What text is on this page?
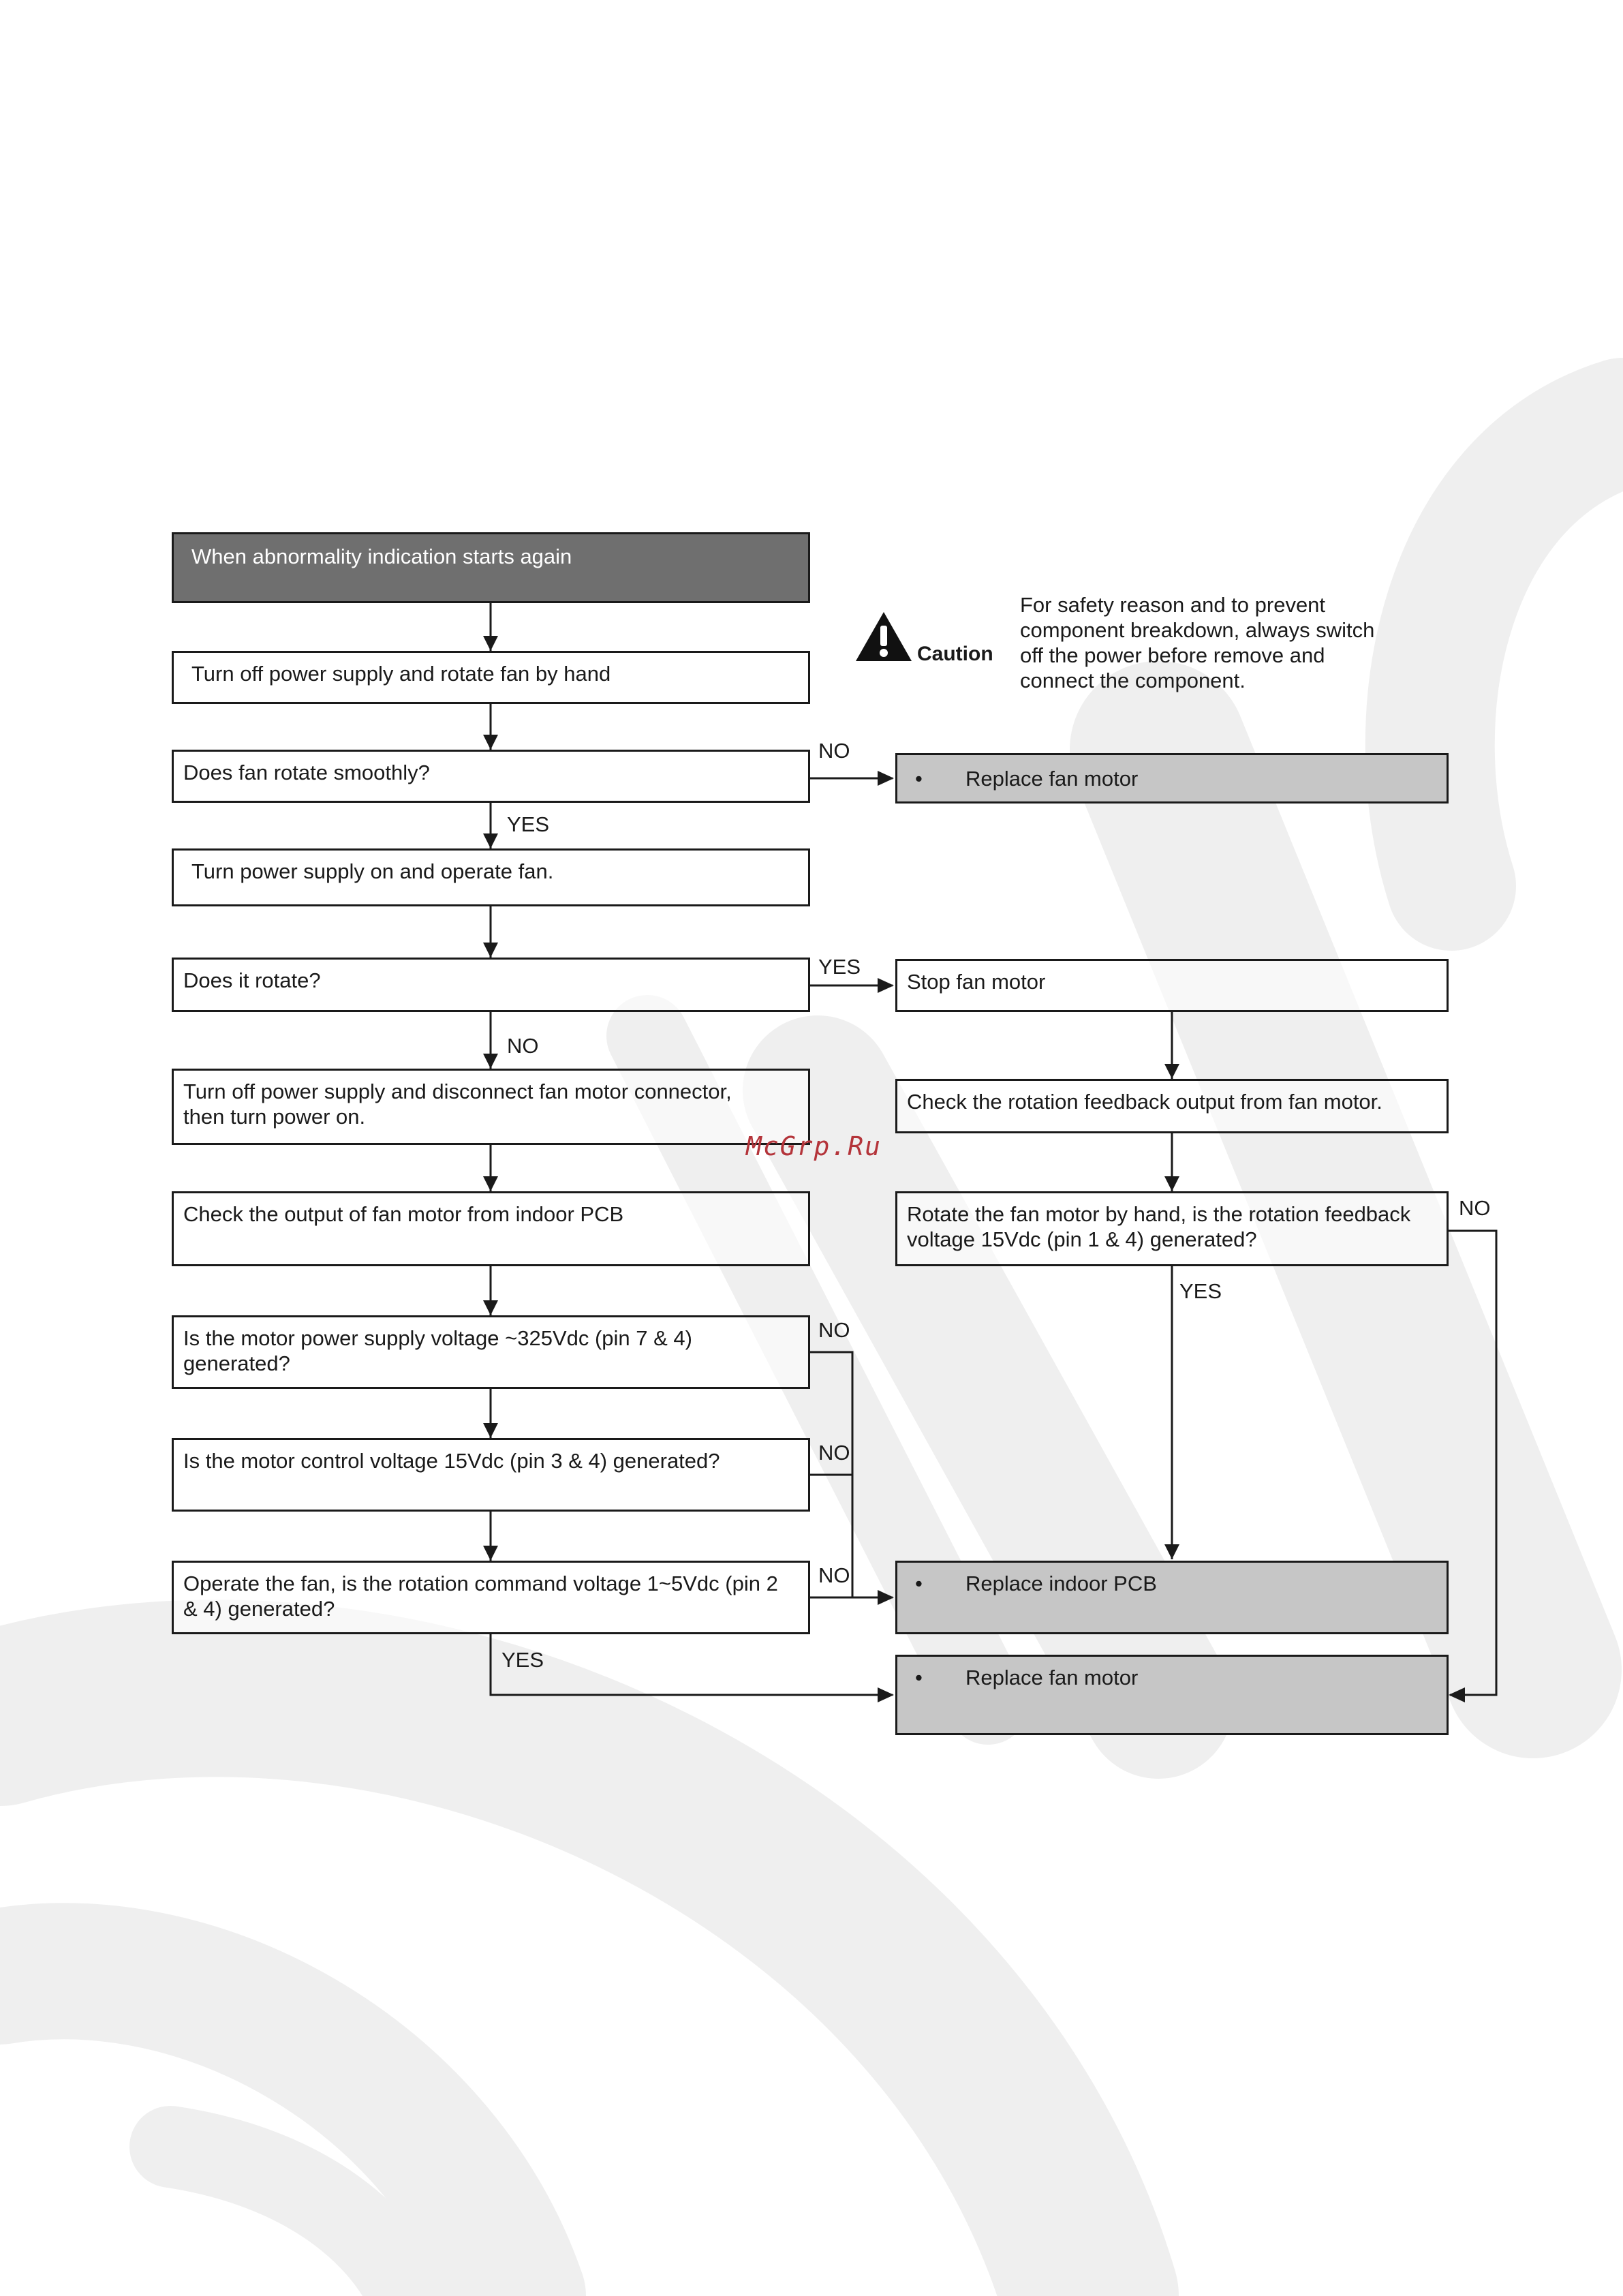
When abnormality indication starts again
Turn off power supply and rotate fan by hand
Does fan rotate smoothly?
Turn power supply on and operate fan.
Does it rotate?
Turn off power supply and disconnect fan motor connector, then turn power on.
Check the output of fan motor from indoor PCB
Is the motor power supply voltage ~325Vdc (pin 7 & 4) generated?
Is the motor control voltage 15Vdc (pin 3 & 4) generated?
Operate the fan, is the rotation command voltage 1~5Vdc (pin 2 & 4) generated?
• Replace fan motor
Stop fan motor
Check the rotation feedback output from fan motor.
Rotate the fan motor by hand, is the rotation feedback voltage 15Vdc (pin 1 & 4) generated?
• Replace indoor PCB
• Replace fan motor
NO
YES
YES
NO
NO
YES
NO
NO
NO
YES
Caution
For safety reason and to prevent
component breakdown, always switch
off the power before remove and
connect the component.
McGrp.Ru
